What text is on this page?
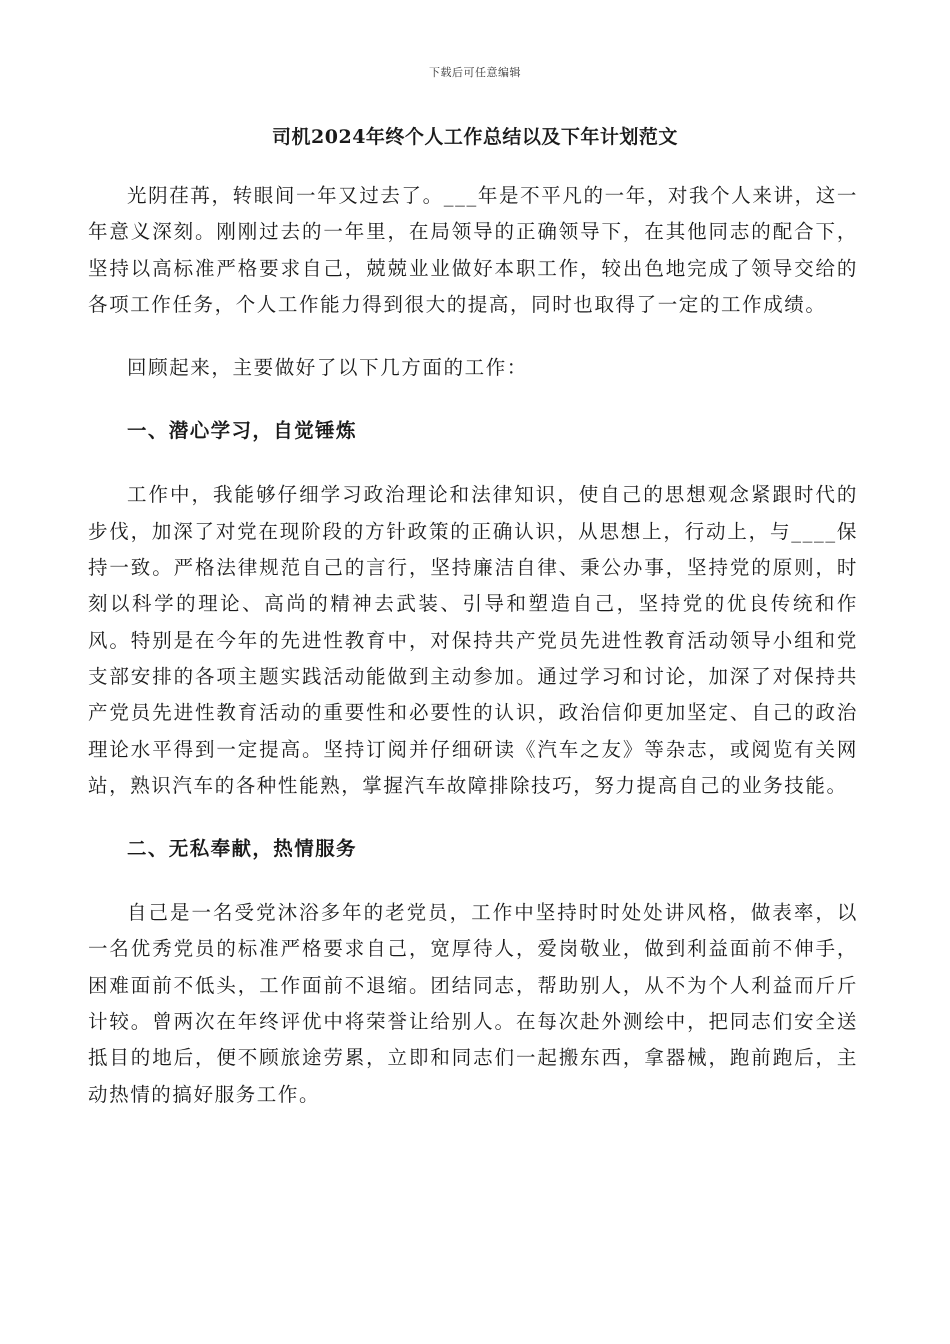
下载后可任意编辑
司机2024年终个人工作总结以及下年计划范文

光阴荏苒，转眼间一年又过去了。___年是不平凡的一年，对我个人来讲，这一年意义深刻。刚刚过去的一年里，在局领导的正确领导下，在其他同志的配合下，坚持以高标准严格要求自己，兢兢业业做好本职工作，较出色地完成了领导交给的各项工作任务，个人工作能力得到很大的提高，同时也取得了一定的工作成绩。

回顾起来，主要做好了以下几方面的工作：

一、潜心学习，自觉锤炼

工作中，我能够仔细学习政治理论和法律知识，使自己的思想观念紧跟时代的步伐，加深了对党在现阶段的方针政策的正确认识，从思想上，行动上，与____保持一致。严格法律规范自己的言行，坚持廉洁自律、秉公办事，坚持党的原则，时刻以科学的理论、高尚的精神去武装、引导和塑造自己，坚持党的优良传统和作风。特别是在今年的先进性教育中，对保持共产党员先进性教育活动领导小组和党支部安排的各项主题实践活动能做到主动参加。通过学习和讨论，加深了对保持共产党员先进性教育活动的重要性和必要性的认识，政治信仰更加坚定、自己的政治理论水平得到一定提高。坚持订阅并仔细研读《汽车之友》等杂志，或阅览有关网站，熟识汽车的各种性能熟，掌握汽车故障排除技巧，努力提高自己的业务技能。

二、无私奉献，热情服务

自己是一名受党沐浴多年的老党员，工作中坚持时时处处讲风格，做表率，以一名优秀党员的标准严格要求自己，宽厚待人，爱岗敬业，做到利益面前不伸手，困难面前不低头，工作面前不退缩。团结同志，帮助别人，从不为个人利益而斤斤计较。曾两次在年终评优中将荣誉让给别人。在每次赴外测绘中，把同志们安全送抵目的地后，便不顾旅途劳累，立即和同志们一起搬东西，拿器械，跑前跑后，主动热情的搞好服务工作。
